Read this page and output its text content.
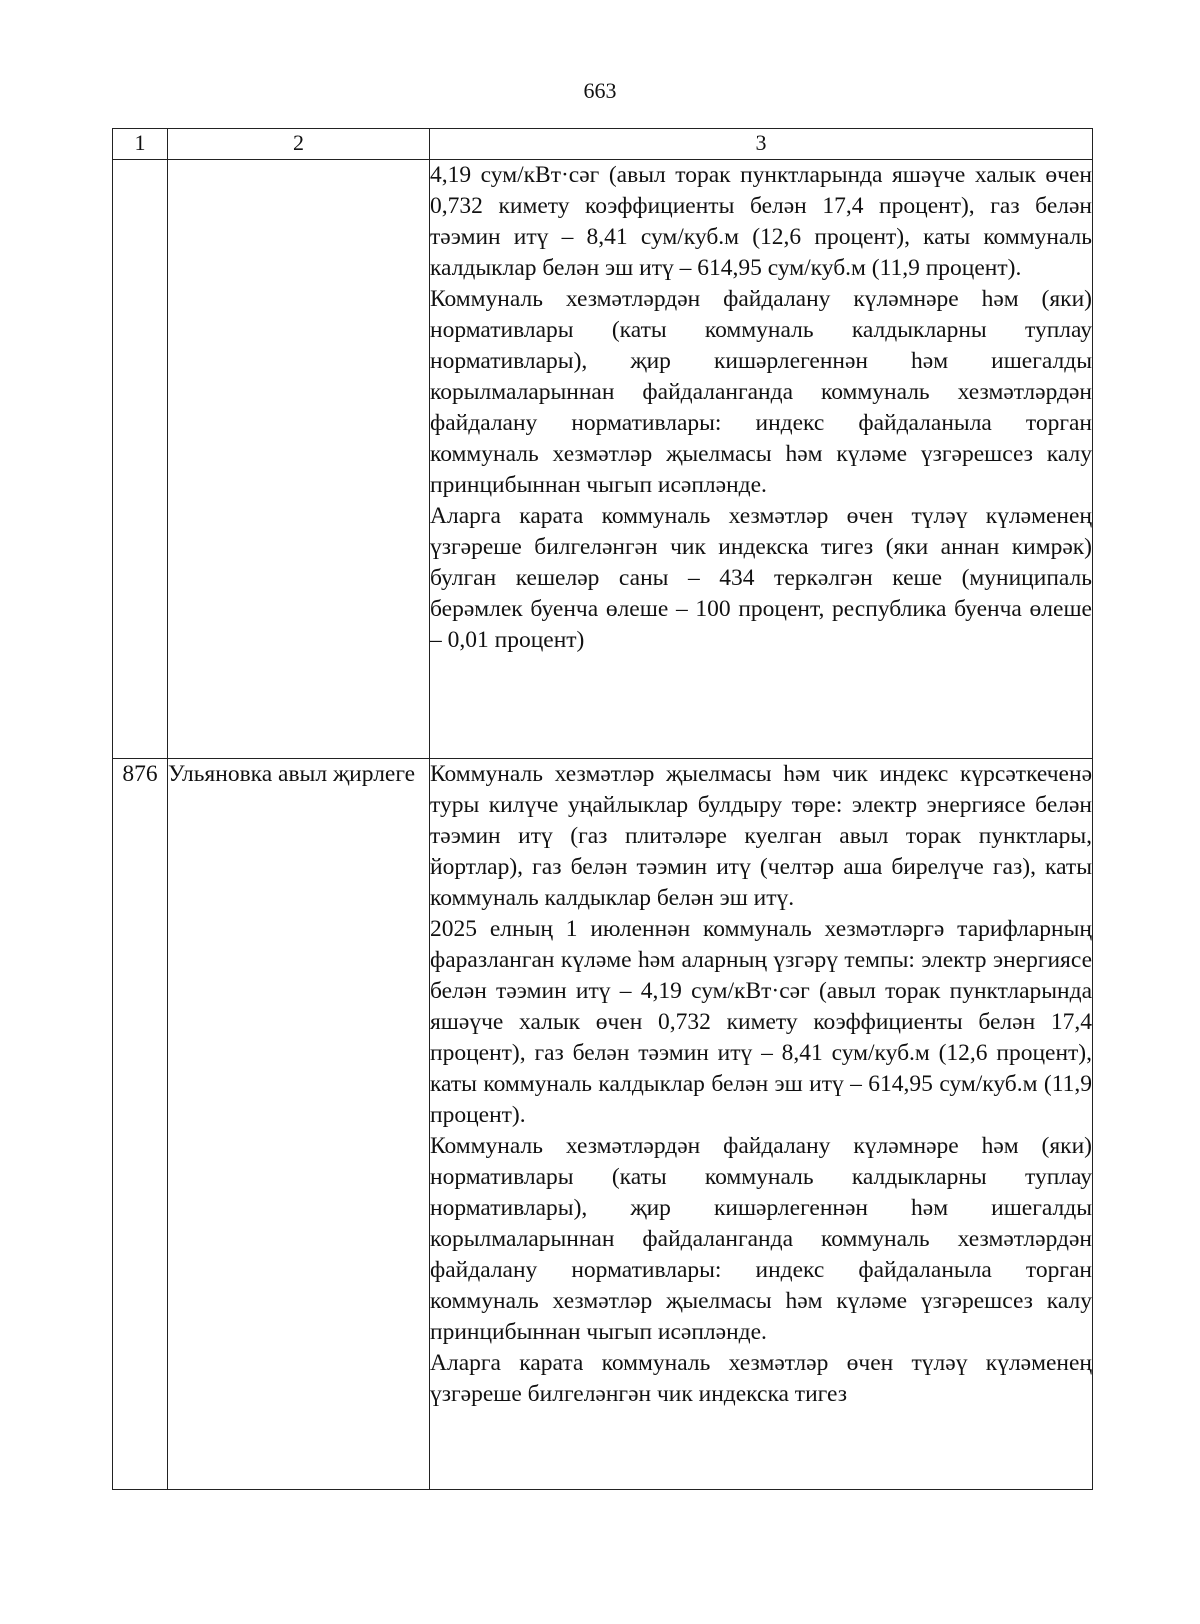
663
1	2	3

		4,19 сум/кВт·сәг (авыл торак пунктларында яшәүче халык өчен 0,732 кимету коэффициенты белән 17,4 процент), газ белән тәэмин итү – 8,41 сум/куб.м (12,6 процент), каты коммуналь калдыклар белән эш итү – 614,95 сум/куб.м (11,9 процент).

Коммуналь хезмәтләрдән файдалану күләмнәре һәм (яки) нормативлары (каты коммуналь калдыкларны туплау нормативлары), җир кишәрлегеннән һәм ишегалды корылмаларыннан файдаланганда коммуналь хезмәтләрдән файдалану нормативлары: индекс файдаланыла торган коммуналь хезмәтләр җыелмасы һәм күләме үзгәрешсез калу принцибыннан чыгып исәпләнде.

Аларга карата коммуналь хезмәтләр өчен түләү күләменең үзгәреше билгеләнгән чик индекска тигез (яки аннан кимрәк) булган кешеләр саны – 434 теркәлгән кеше (муниципаль берәмлек буенча өлеше – 100 процент, республика буенча өлеше – 0,01 процент)

876	Ульяновка авыл җирлеге	Коммуналь хезмәтләр җыелмасы һәм чик индекс күрсәткеченә туры килүче уңайлыклар булдыру төре: электр энергиясе белән тәэмин итү (газ плитәләре куелган авыл торак пунктлары, йортлар), газ белән тәэмин итү (челтәр аша бирелүче газ), каты коммуналь калдыклар белән эш итү.

2025 елның 1 июленнән коммуналь хезмәтләргә тарифларның фаразланган күләме һәм аларның үзгәрү темпы: электр энергиясе белән тәэмин итү – 4,19 сум/кВт·сәг (авыл торак пунктларында яшәүче халык өчен 0,732 кимету коэффициенты белән 17,4 процент), газ белән тәэмин итү – 8,41 сум/куб.м (12,6 процент), каты коммуналь калдыклар белән эш итү – 614,95 сум/куб.м (11,9 процент).

Коммуналь хезмәтләрдән файдалану күләмнәре һәм (яки) нормативлары (каты коммуналь калдыкларны туплау нормативлары), җир кишәрлегеннән һәм ишегалды корылмаларыннан файдаланганда коммуналь хезмәтләрдән файдалану нормативлары: индекс файдаланыла торган коммуналь хезмәтләр җыелмасы һәм күләме үзгәрешсез калу принцибыннан чыгып исәпләнде.

Аларга карата коммуналь хезмәтләр өчен түләү күләменең үзгәреше билгеләнгән чик индекска тигез
